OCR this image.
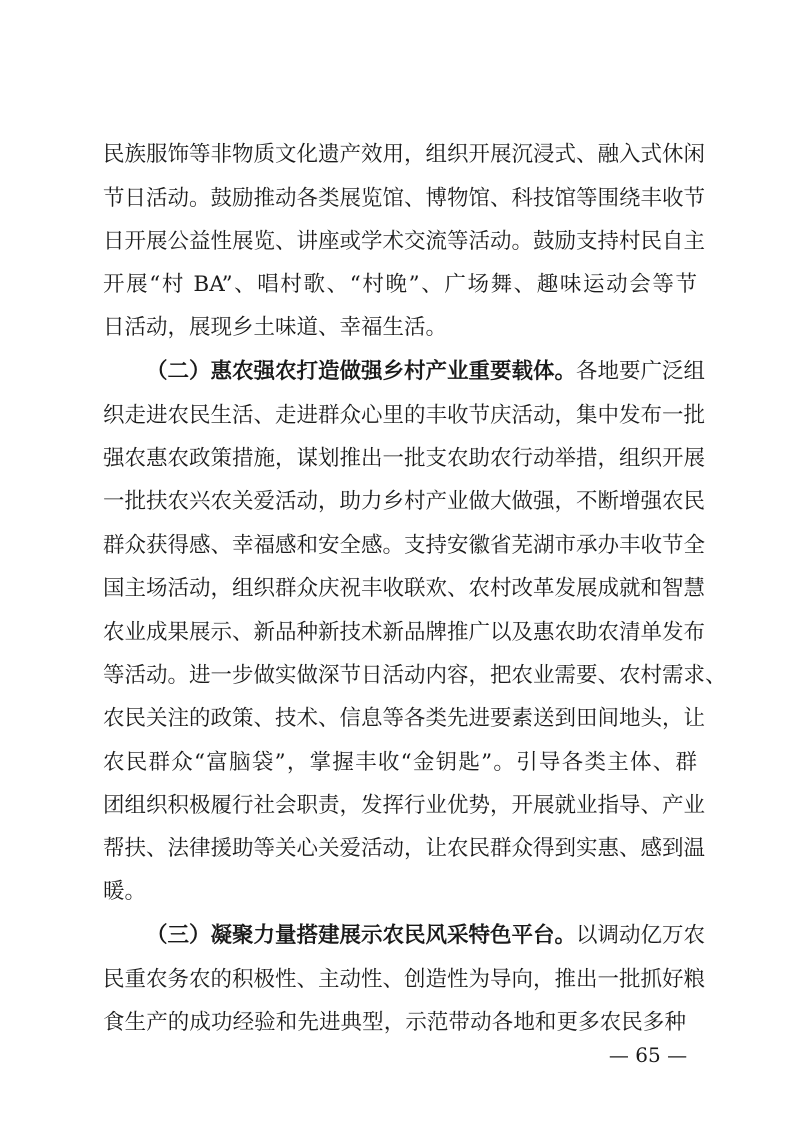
民族服饰等非物质文化遗产效用，组织开展沉浸式、融入式休闲
节日活动。鼓励推动各类展览馆、博物馆、科技馆等围绕丰收节
日开展公益性展览、讲座或学术交流等活动。鼓励支持村民自主
开展“村 BA”、唱村歌、“村晚”、广场舞、趣味运动会等节
日活动，展现乡土味道、幸福生活。
（二）惠农强农打造做强乡村产业重要载体。各地要广泛组
织走进农民生活、走进群众心里的丰收节庆活动，集中发布一批
强农惠农政策措施，谋划推出一批支农助农行动举措，组织开展
一批扶农兴农关爱活动，助力乡村产业做大做强，不断增强农民
群众获得感、幸福感和安全感。支持安徽省芜湖市承办丰收节全
国主场活动，组织群众庆祝丰收联欢、农村改革发展成就和智慧
农业成果展示、新品种新技术新品牌推广以及惠农助农清单发布
等活动。进一步做实做深节日活动内容，把农业需要、农村需求、
农民关注的政策、技术、信息等各类先进要素送到田间地头，让
农民群众“富脑袋”，掌握丰收“金钥匙”。引导各类主体、群
团组织积极履行社会职责，发挥行业优势，开展就业指导、产业
帮扶、法律援助等关心关爱活动，让农民群众得到实惠、感到温
暖。
（三）凝聚力量搭建展示农民风采特色平台。以调动亿万农
民重农务农的积极性、主动性、创造性为导向，推出一批抓好粮
食生产的成功经验和先进典型，示范带动各地和更多农民多种
— 65 —
